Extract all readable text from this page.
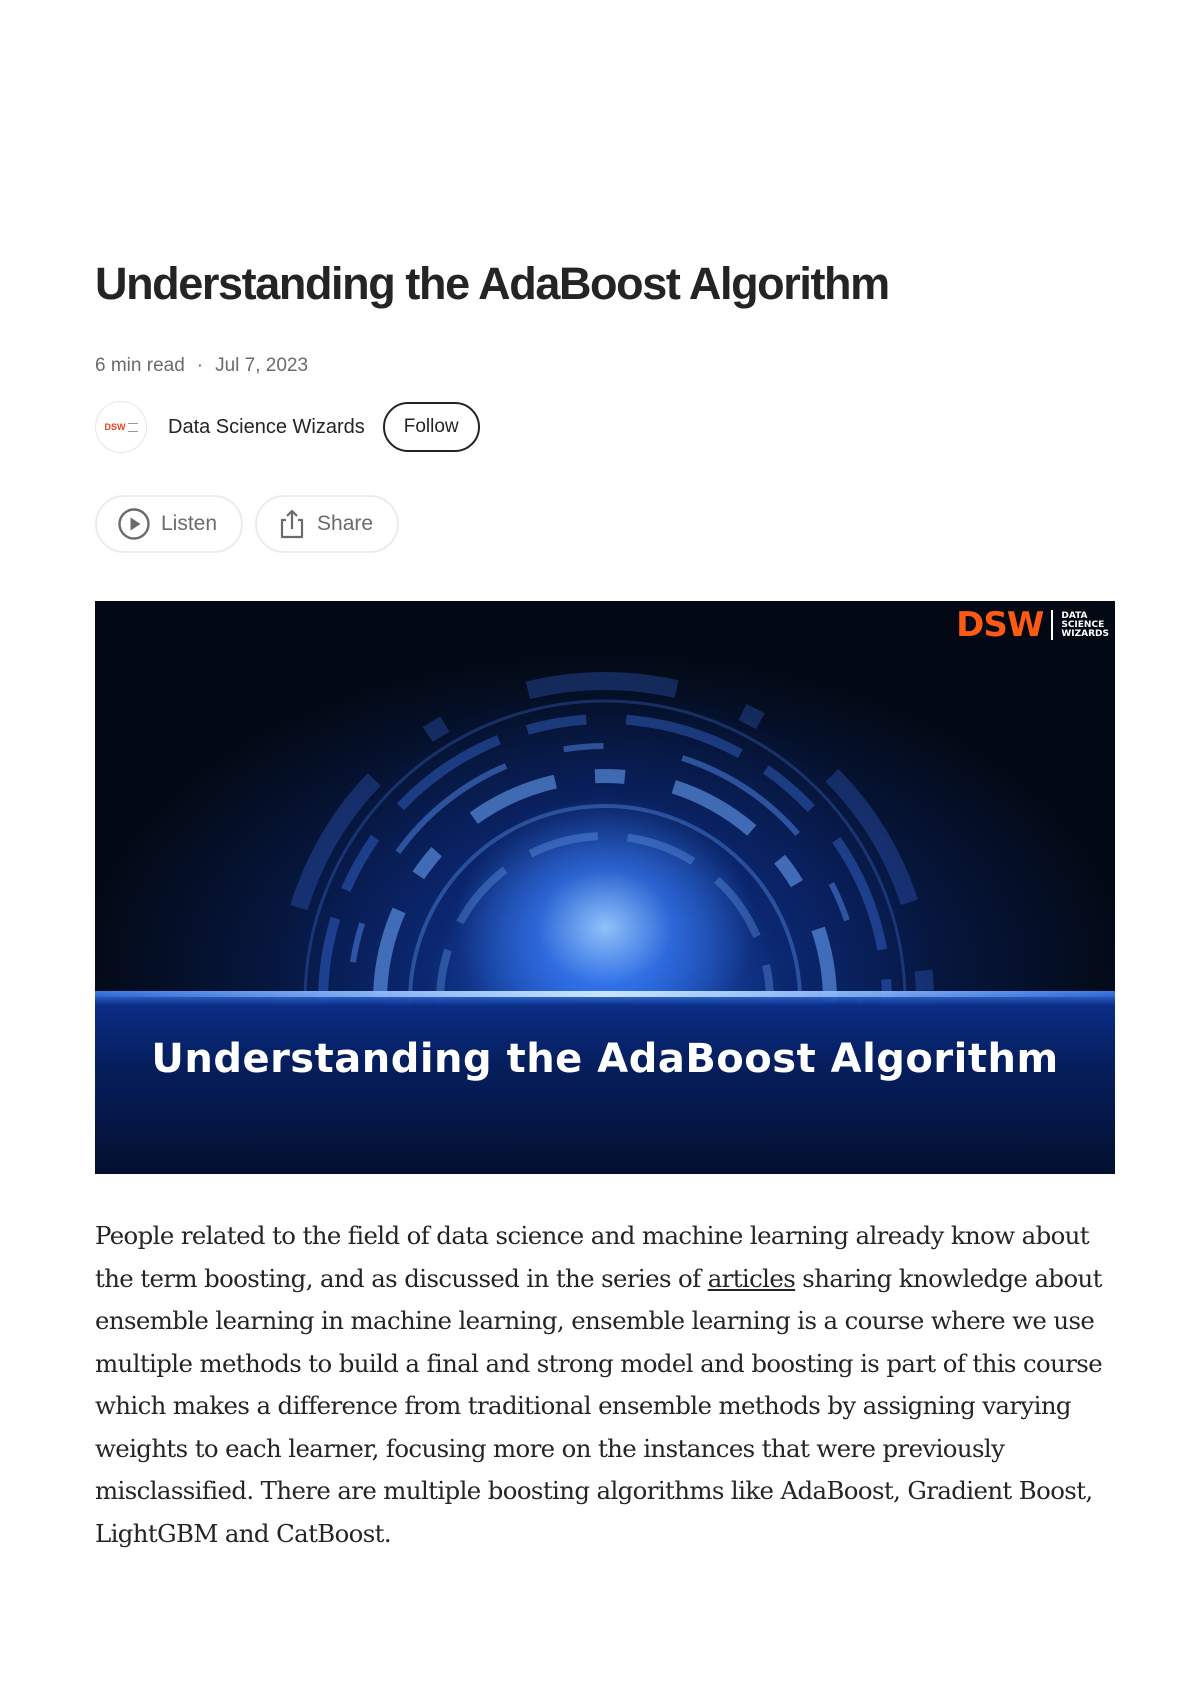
Understanding the AdaBoost Algorithm
6 min read · Jul 7, 2023
DSW Data Science Wizards	Follow
Listen	Share
Understanding the AdaBoost Algorithm
DSW DATA
SCIENCE
WIZARDS

People related to the field of data science and machine learning already know about the term boosting, and as discussed in the series of articles sharing knowledge about ensemble learning in machine learning, ensemble learning is a course where we use multiple methods to build a final and strong model and boosting is part of this course which makes a difference from traditional ensemble methods by assigning varying weights to each learner, focusing more on the instances that were previously misclassified. There are multiple boosting algorithms like AdaBoost, Gradient Boost, LightGBM and CatBoost.
